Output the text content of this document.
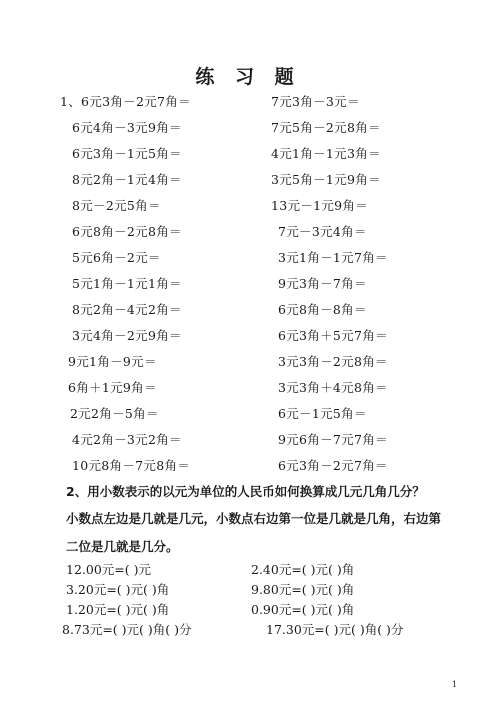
练 习 题
1、6元3角－2元7角＝	7元3角－3元＝
6元4角－3元9角＝	7元5角－2元8角＝
6元3角－1元5角＝	4元1角－1元3角＝
8元2角－1元4角＝	3元5角－1元9角＝
8元－2元5角＝	13元－1元9角＝
6元8角－2元8角＝	7元－3元4角＝
5元6角－2元＝	3元1角－1元7角＝
5元1角－1元1角＝	9元3角－7角＝
8元2角－4元2角＝	6元8角－8角＝
3元4角－2元9角＝	6元3角＋5元7角＝
9元1角－9元＝	3元3角－2元8角＝
6角＋1元9角＝	3元3角＋4元8角＝
2元2角－5角＝	6元－1元5角＝
4元2角－3元2角＝	9元6角－7元7角＝
10元8角－7元8角＝	6元3角－2元7角＝
2、用小数表示的以元为单位的人民币如何换算成几元几角几分？
小数点左边是几就是几元，小数点右边第一位是几就是几角，右边第
二位是几就是几分。
12.00元=( )元	2.40元=( )元( )角
3.20元=( )元( )角	9.80元=( )元( )角
1.20元=( )元( )角	0.90元=( )元( )角
8.73元=( )元( )角( )分	17.30元=( )元( )角( )分
1
